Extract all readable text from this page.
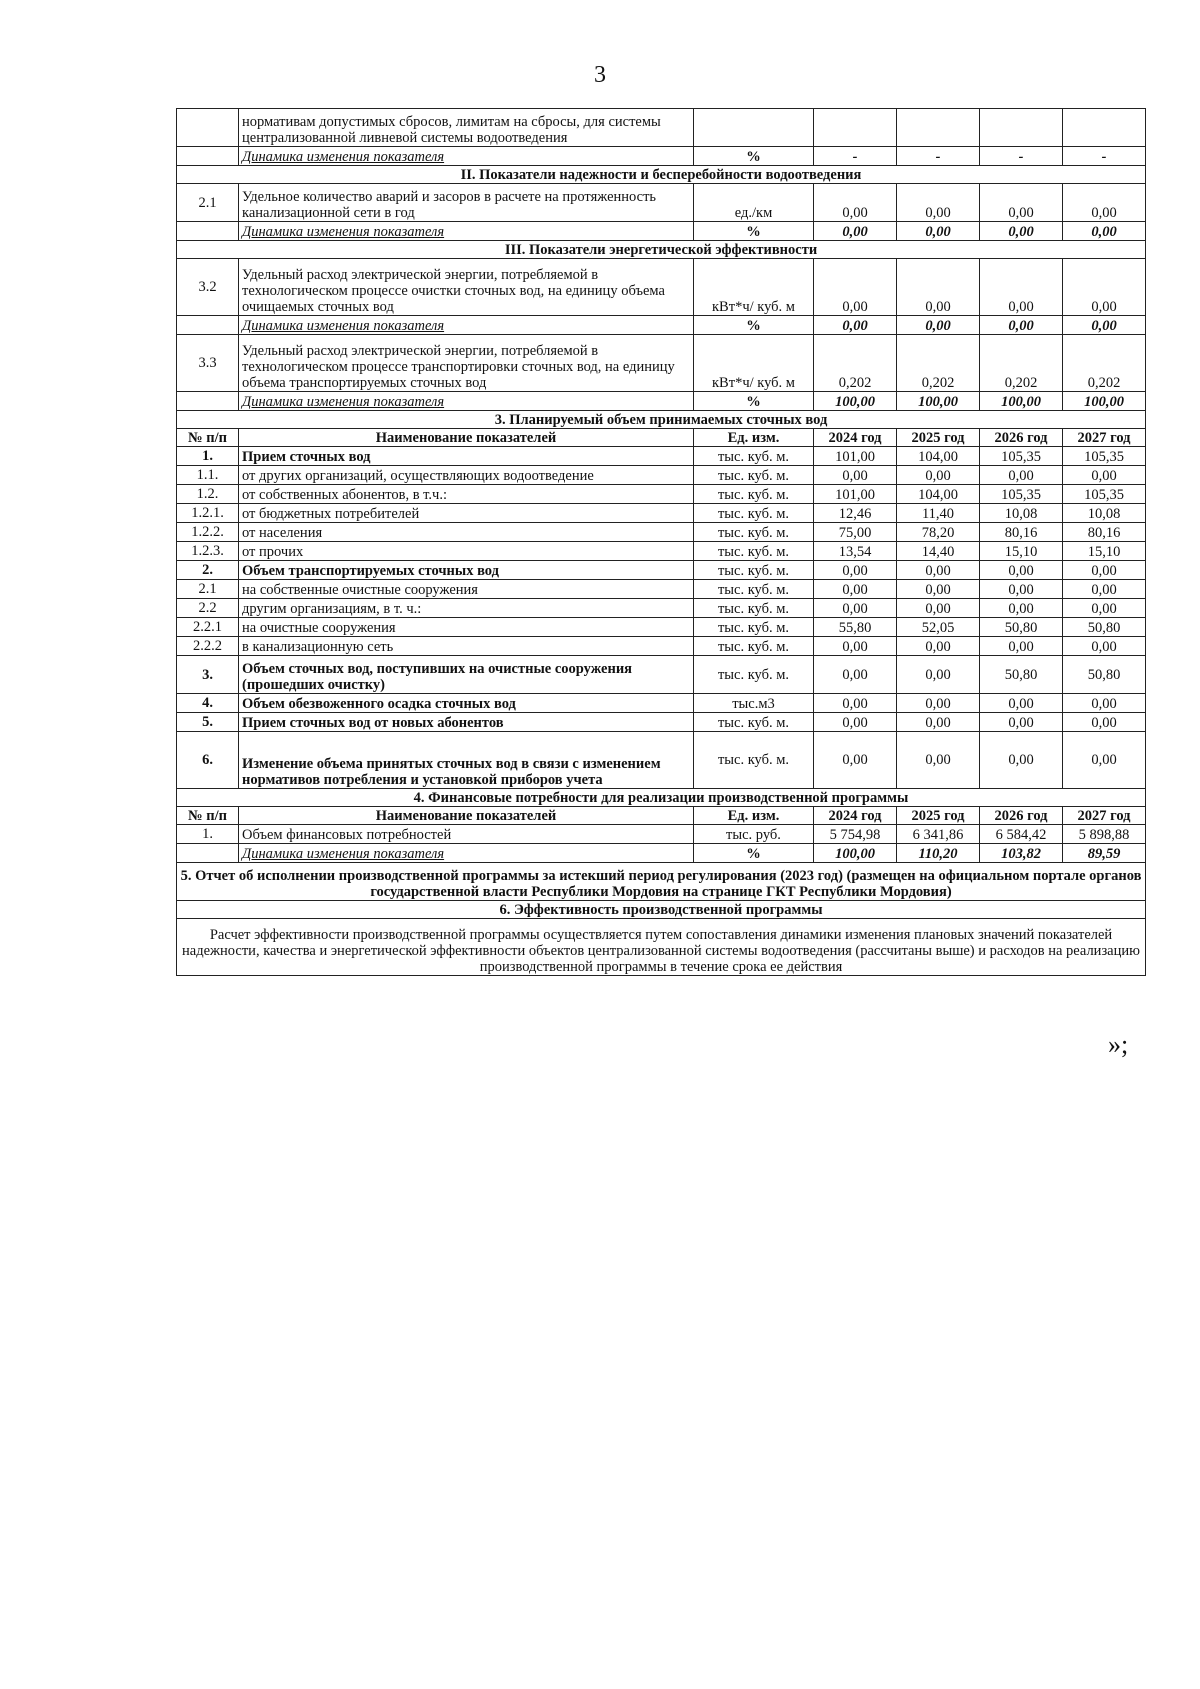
3
	нормативам допустимых сбросов, лимитам на сбросы, для системы централизованной ливневой системы водоотведения					
	Динамика изменения показателя	%	-	-	-	-
II. Показатели надежности и бесперебойности водоотведения						
2.1	Удельное количество аварий и засоров в расчете на протяженность канализационной сети в год	ед./км	0,00	0,00	0,00	0,00
	Динамика изменения показателя	%	0,00	0,00	0,00	0,00
III. Показатели энергетической эффективности						
3.2	Удельный расход электрической энергии, потребляемой в технологическом процессе очистки сточных вод, на единицу объема очищаемых сточных вод	кВт*ч/ куб. м	0,00	0,00	0,00	0,00
	Динамика изменения показателя	%	0,00	0,00	0,00	0,00
3.3	Удельный расход электрической энергии, потребляемой в технологическом процессе транспортировки сточных вод, на единицу объема транспортируемых сточных вод	кВт*ч/ куб. м	0,202	0,202	0,202	0,202
	Динамика изменения показателя	%	100,00	100,00	100,00	100,00
3. Планируемый объем принимаемых сточных вод						
№ п/п	Наименование показателей	Ед. изм.	2024 год	2025 год	2026 год	2027 год
1.	Прием сточных вод	тыс. куб. м.	101,00	104,00	105,35	105,35
1.1.	от других организаций, осуществляющих водоотведение	тыс. куб. м.	0,00	0,00	0,00	0,00
1.2.	от собственных абонентов, в т.ч.:	тыс. куб. м.	101,00	104,00	105,35	105,35
1.2.1.	от бюджетных потребителей	тыс. куб. м.	12,46	11,40	10,08	10,08
1.2.2.	от населения	тыс. куб. м.	75,00	78,20	80,16	80,16
1.2.3.	от прочих	тыс. куб. м.	13,54	14,40	15,10	15,10
2.	Объем транспортируемых сточных вод	тыс. куб. м.	0,00	0,00	0,00	0,00
2.1	на собственные очистные сооружения	тыс. куб. м.	0,00	0,00	0,00	0,00
2.2	другим организациям, в т. ч.:	тыс. куб. м.	0,00	0,00	0,00	0,00
2.2.1	на очистные сооружения	тыс. куб. м.	55,80	52,05	50,80	50,80
2.2.2	в канализационную сеть	тыс. куб. м.	0,00	0,00	0,00	0,00
3.	Объем сточных вод, поступивших на очистные сооружения (прошедших очистку)	тыс. куб. м.	0,00	0,00	50,80	50,80
4.	Объем обезвоженного осадка сточных вод	тыс.м3	0,00	0,00	0,00	0,00
5.	Прием сточных вод от новых абонентов	тыс. куб. м.	0,00	0,00	0,00	0,00
6.	Изменение объема принятых сточных вод в связи с изменением нормативов потребления и установкой приборов учета	тыс. куб. м.	0,00	0,00	0,00	0,00
4. Финансовые потребности для реализации производственной программы						
№ п/п	Наименование показателей	Ед. изм.	2024 год	2025 год	2026 год	2027 год
1.	Объем финансовых потребностей	тыс. руб.	5 754,98	6 341,86	6 584,42	5 898,88
	Динамика изменения показателя	%	100,00	110,20	103,82	89,59
5. Отчет об исполнении производственной программы за истекший период регулирования (2023 год) (размещен на официальном портале органов государственной власти Республики Мордовия на странице ГКТ Республики Мордовия)						
6. Эффективность производственной программы						
Расчет эффективности производственной программы осуществляется путем сопоставления динамики изменения плановых значений показателей надежности, качества и энергетической эффективности объектов централизованной системы водоотведения (рассчитаны выше) и расходов на реализацию производственной программы в течение срока ее действия						
»;
